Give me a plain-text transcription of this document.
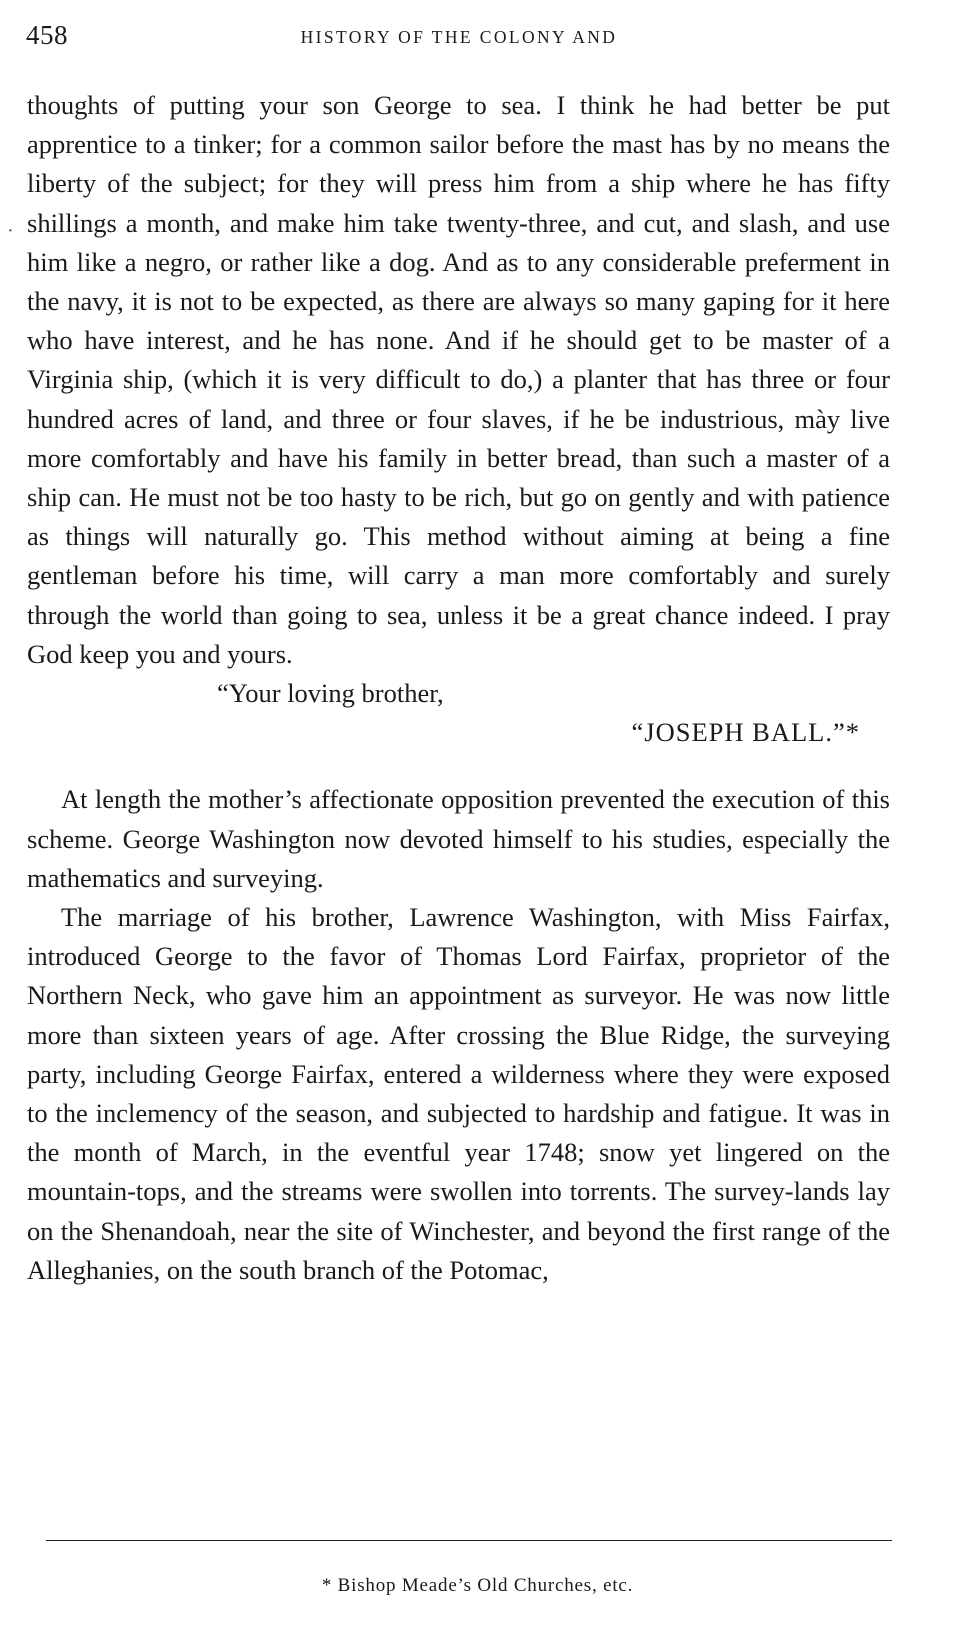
458	HISTORY OF THE COLONY AND
·

thoughts of putting your son George to sea. I think he had better be put apprentice to a tinker; for a common sailor before the mast has by no means the liberty of the subject; for they will press him from a ship where he has fifty shillings a month, and make him take twenty-three, and cut, and slash, and use him like a negro, or rather like a dog. And as to any considerable preferment in the navy, it is not to be expected, as there are always so many gaping for it here who have interest, and he has none. And if he should get to be master of a Virginia ship, (which it is very difficult to do,) a planter that has three or four hundred acres of land, and three or four slaves, if he be industrious, mày live more comfortably and have his family in better bread, than such a master of a ship can. He must not be too hasty to be rich, but go on gently and with patience as things will naturally go. This method without aiming at being a fine gentleman before his time, will carry a man more comfortably and surely through the world than going to sea, unless it be a great chance indeed. I pray God keep you and yours.

“Your loving brother,

“JOSEPH BALL.”*

At length the mother’s affectionate opposition prevented the execution of this scheme. George Washington now devoted himself to his studies, especially the mathematics and surveying.

The marriage of his brother, Lawrence Washington, with Miss Fairfax, introduced George to the favor of Thomas Lord Fairfax, proprietor of the Northern Neck, who gave him an appointment as surveyor. He was now little more than sixteen years of age. After crossing the Blue Ridge, the surveying party, including George Fairfax, entered a wilderness where they were exposed to the inclemency of the season, and subjected to hardship and fatigue. It was in the month of March, in the eventful year 1748; snow yet lingered on the mountain-tops, and the streams were swollen into torrents. The survey-lands lay on the Shenandoah, near the site of Winchester, and beyond the first range of the Alleghanies, on the south branch of the Potomac,

* Bishop Meade’s Old Churches, etc.
